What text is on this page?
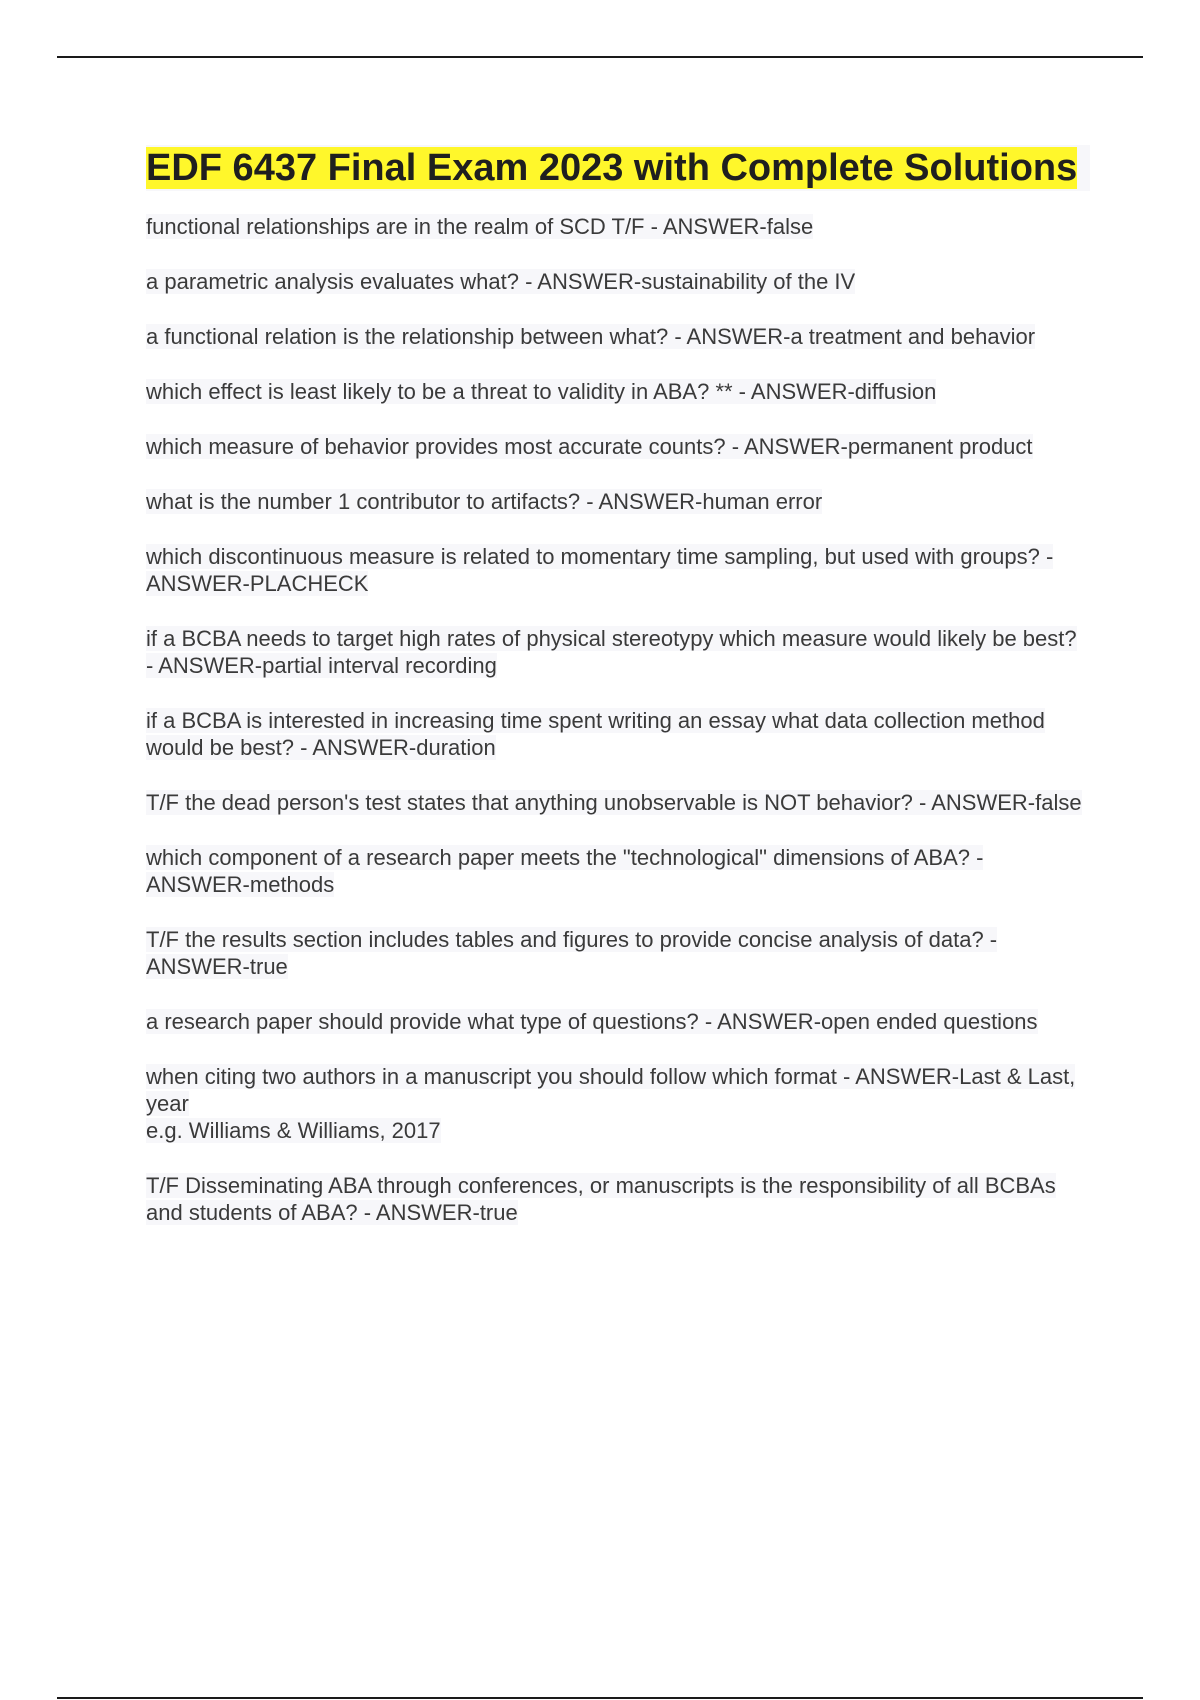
EDF 6437 Final Exam 2023 with Complete Solutions
functional relationships are in the realm of SCD T/F - ANSWER-false
a parametric analysis evaluates what? - ANSWER-sustainability of the IV
a functional relation is the relationship between what? - ANSWER-a treatment and behavior
which effect is least likely to be a threat to validity in ABA? ** - ANSWER-diffusion
which measure of behavior provides most accurate counts? - ANSWER-permanent product
what is the number 1 contributor to artifacts? - ANSWER-human error
which discontinuous measure is related to momentary time sampling, but used with groups? - ANSWER-PLACHECK
if a BCBA needs to target high rates of physical stereotypy which measure would likely be best? - ANSWER-partial interval recording
if a BCBA is interested in increasing time spent writing an essay what data collection method would be best? - ANSWER-duration
T/F the dead person's test states that anything unobservable is NOT behavior? - ANSWER-false
which component of a research paper meets the "technological" dimensions of ABA? - ANSWER-methods
T/F the results section includes tables and figures to provide concise analysis of data? - ANSWER-true
a research paper should provide what type of questions? - ANSWER-open ended questions
when citing two authors in a manuscript you should follow which format - ANSWER-Last & Last, year
e.g. Williams & Williams, 2017
T/F Disseminating ABA through conferences, or manuscripts is the responsibility of all BCBAs and students of ABA? - ANSWER-true
